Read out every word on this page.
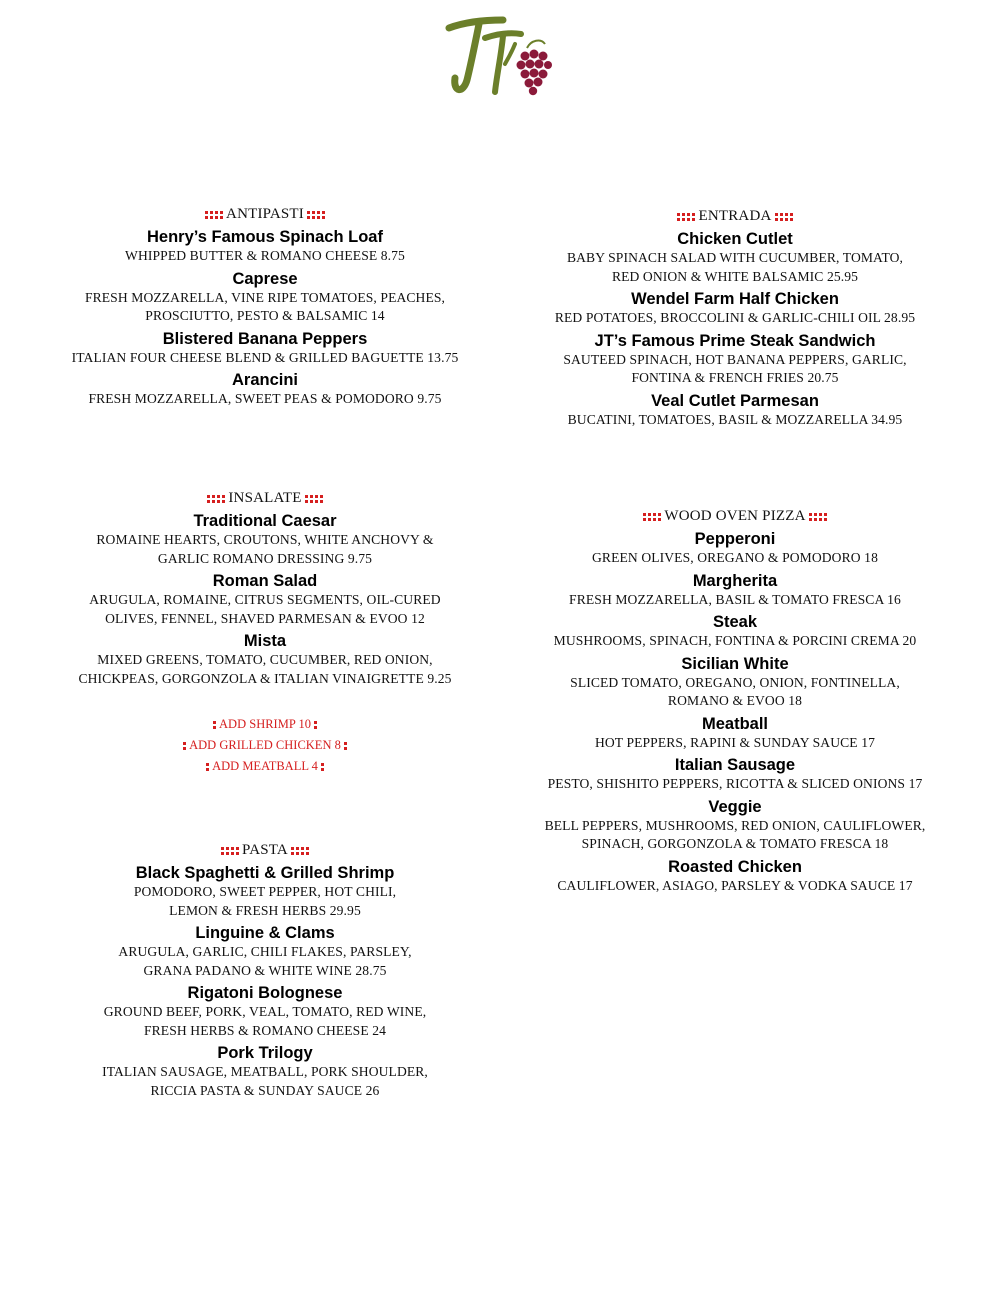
ANTIPASTI
Henry’s Famous Spinach Loaf
WHIPPED BUTTER & ROMANO CHEESE 8.75
Caprese
FRESH MOZZARELLA, VINE RIPE TOMATOES, PEACHES,
PROSCIUTTO, PESTO & BALSAMIC 14
Blistered Banana Peppers
ITALIAN FOUR CHEESE BLEND & GRILLED BAGUETTE 13.75
Arancini
FRESH MOZZARELLA, SWEET PEAS & POMODORO 9.75
INSALATE
Traditional Caesar
ROMAINE HEARTS, CROUTONS, WHITE ANCHOVY &
GARLIC ROMANO DRESSING 9.75
Roman Salad
ARUGULA, ROMAINE, CITRUS SEGMENTS, OIL-CURED
OLIVES, FENNEL, SHAVED PARMESAN & EVOO 12
Mista
MIXED GREENS, TOMATO, CUCUMBER, RED ONION,
CHICKPEAS, GORGONZOLA & ITALIAN VINAIGRETTE 9.25
ADD SHRIMP 10
ADD GRILLED CHICKEN 8
ADD MEATBALL 4
PASTA
Black Spaghetti & Grilled Shrimp
POMODORO, SWEET PEPPER, HOT CHILI,
LEMON & FRESH HERBS 29.95
Linguine & Clams
ARUGULA, GARLIC, CHILI FLAKES, PARSLEY,
GRANA PADANO & WHITE WINE 28.75
Rigatoni Bolognese
GROUND BEEF, PORK, VEAL, TOMATO, RED WINE,
FRESH HERBS & ROMANO CHEESE 24
Pork Trilogy
ITALIAN SAUSAGE, MEATBALL, PORK SHOULDER,
RICCIA PASTA & SUNDAY SAUCE 26
ENTRADA
Chicken Cutlet
BABY SPINACH SALAD WITH CUCUMBER, TOMATO,
RED ONION & WHITE BALSAMIC 25.95
Wendel Farm Half Chicken
RED POTATOES, BROCCOLINI & GARLIC-CHILI OIL 28.95
JT’s Famous Prime Steak Sandwich
SAUTEED SPINACH, HOT BANANA PEPPERS, GARLIC,
FONTINA & FRENCH FRIES 20.75
Veal Cutlet Parmesan
BUCATINI, TOMATOES, BASIL & MOZZARELLA 34.95
WOOD OVEN PIZZA
Pepperoni
GREEN OLIVES, OREGANO & POMODORO 18
Margherita
FRESH MOZZARELLA, BASIL & TOMATO FRESCA 16
Steak
MUSHROOMS, SPINACH, FONTINA & PORCINI CREMA 20
Sicilian White
SLICED TOMATO, OREGANO, ONION, FONTINELLA,
ROMANO & EVOO 18
Meatball
HOT PEPPERS, RAPINI & SUNDAY SAUCE 17
Italian Sausage
PESTO, SHISHITO PEPPERS, RICOTTA & SLICED ONIONS 17
Veggie
BELL PEPPERS, MUSHROOMS, RED ONION, CAULIFLOWER,
SPINACH, GORGONZOLA & TOMATO FRESCA 18
Roasted Chicken
CAULIFLOWER, ASIAGO, PARSLEY & VODKA SAUCE 17
